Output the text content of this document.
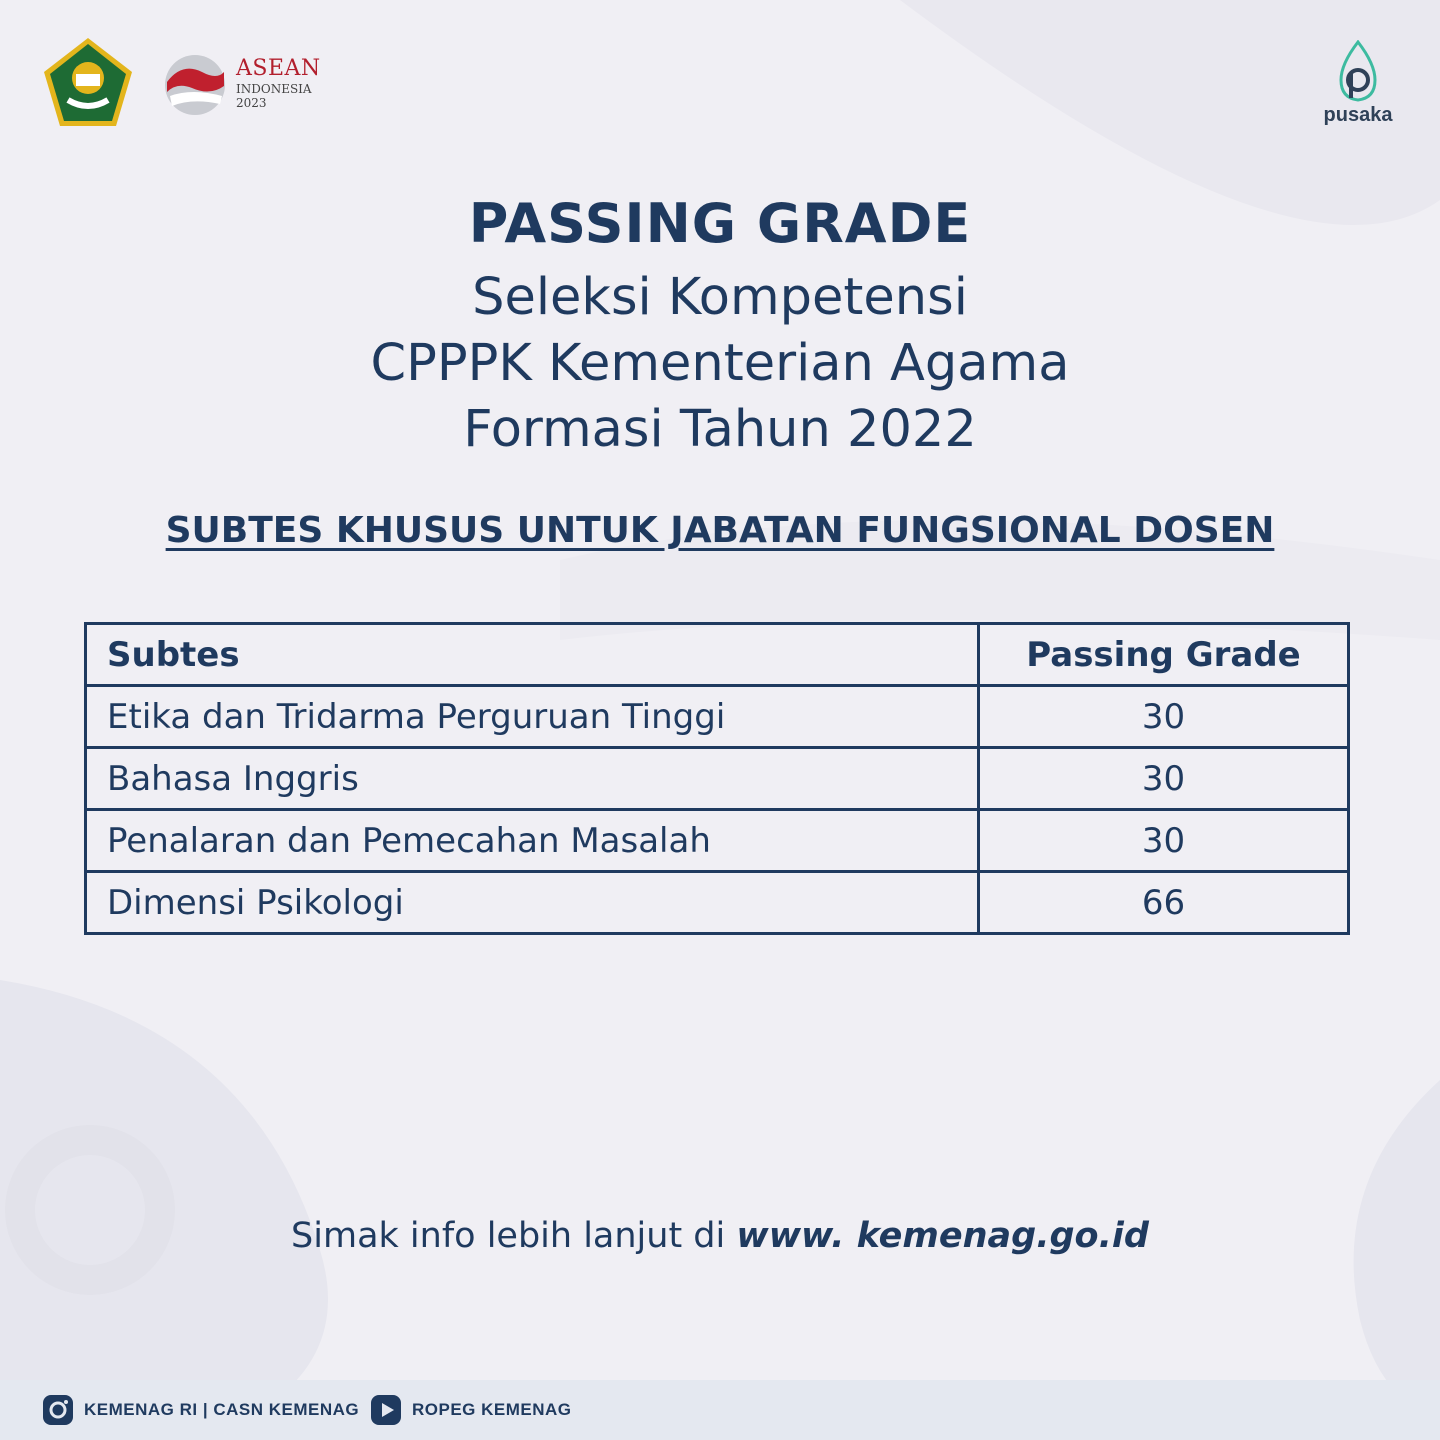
ASEAN
INDONESIA
2023
pusaka
PASSING GRADE
Seleksi Kompetensi
CPPPK Kementerian Agama
Formasi Tahun 2022
SUBTES KHUSUS UNTUK JABATAN FUNGSIONAL DOSEN
Subtes	Passing Grade
Etika dan Tridarma Perguruan Tinggi	30
Bahasa Inggris	30
Penalaran dan Pemecahan Masalah	30
Dimensi Psikologi	66
Simak info lebih lanjut di www. kemenag.go.id
KEMENAG RI | CASN KEMENAG	ROPEG KEMENAG
